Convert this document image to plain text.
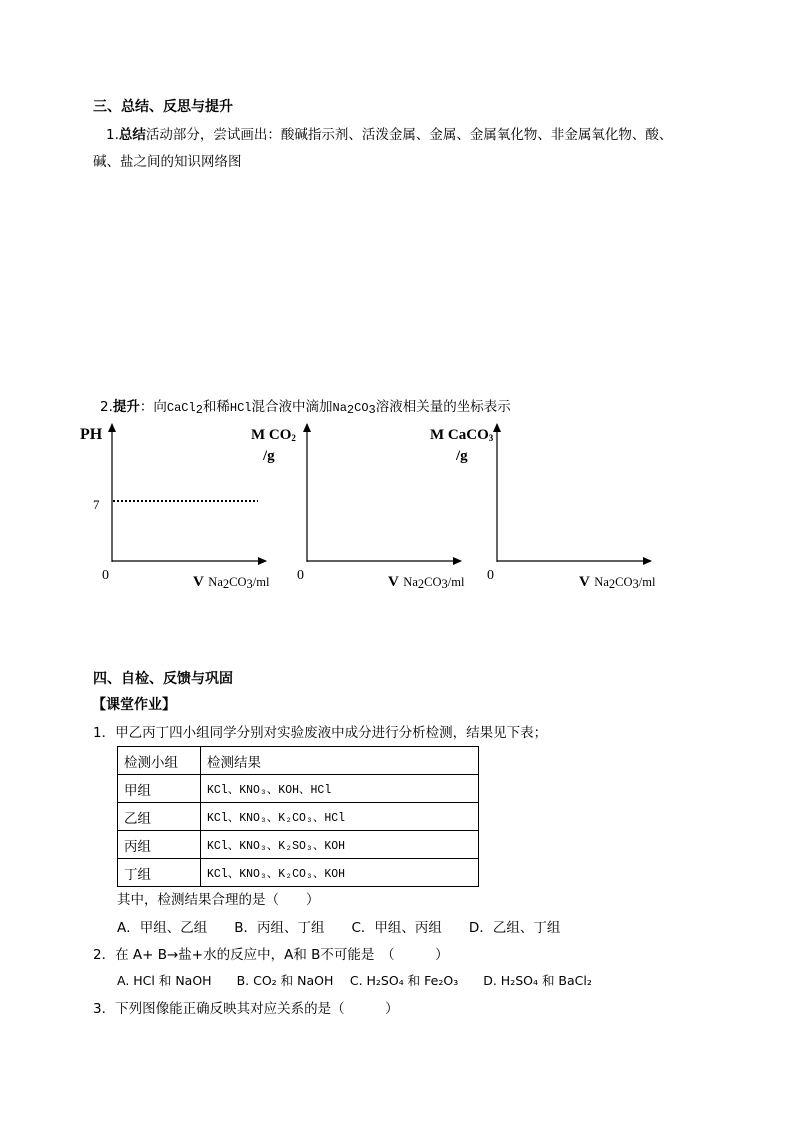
三、总结、反思与提升
1.总结活动部分，尝试画出：酸碱指示剂、活泼金属、金属、金属氧化物、非金属氧化物、酸、
碱、盐之间的知识网络图
2.提升：向CaCl$_2$和稀HCl混合液中滴加$Na_2CO_3$溶液相关量的坐标表示
PH
7
0	V $Na_2CO_3/ml$
M $CO_2$
/g
0	V $Na_2CO_3/ml$
M CaCO$_3$
/g
0	V $Na_2CO_3/ml$
四、自检、反馈与巩固
【课堂作业】
1．甲乙丙丁四小组同学分别对实验废液中成分进行分析检测，结果见下表；
检测小组	检测结果
甲组	KCl、KNO₃、KOH、HCl
乙组	KCl、KNO₃、K₂CO₃、HCl
丙组	KCl、KNO₃、K₂SO₃、KOH
丁组	KCl、KNO₃、K₂CO₃、KOH
其中，检测结果合理的是（　　）
A．甲组、乙组　　B．丙组、丁组　　C．甲组、丙组　　D．乙组、丁组
2．在 A+ B→盐+水的反应中，A和 B不可能是　（　　　）
A. HCl 和 NaOH　　B. CO₂ 和 NaOH　 C. H₂SO₄ 和 Fe₂O₃　　D. H₂SO₄ 和 BaCl₂
3．下列图像能正确反映其对应关系的是（　　　）
